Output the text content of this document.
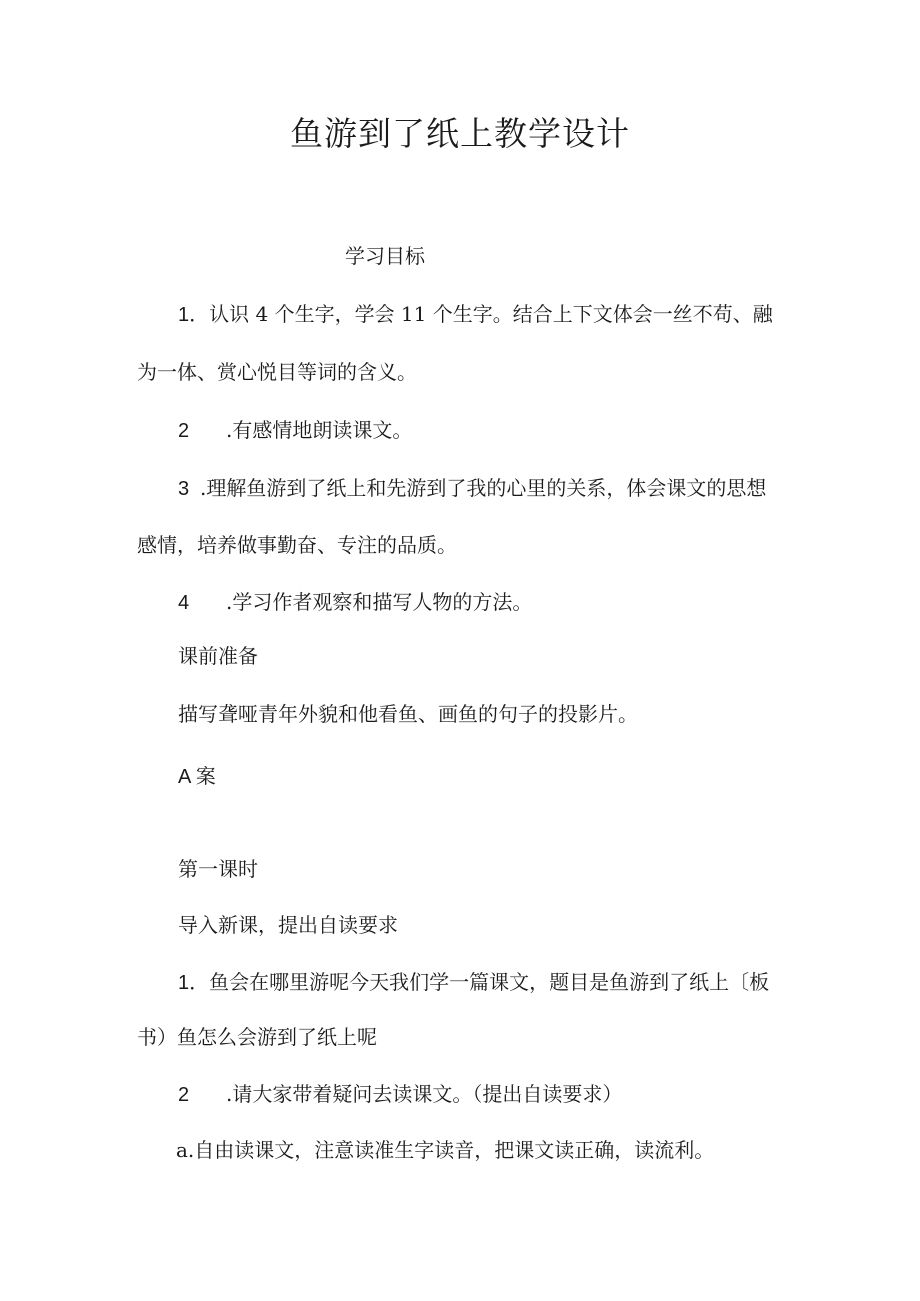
鱼游到了纸上教学设计
学习目标
1．认识 4 个生字，学会 11 个生字。结合上下文体会一丝不苟、融
为一体、赏心悦目等词的含义。
2 .有感情地朗读课文。
3 .理解鱼游到了纸上和先游到了我的心里的关系，体会课文的思想
感情，培养做事勤奋、专注的品质。
4 .学习作者观察和描写人物的方法。
课前准备
描写聋哑青年外貌和他看鱼、画鱼的句子的投影片。
A 案
第一课时
导入新课，提出自读要求
1．鱼会在哪里游呢今天我们学一篇课文，题目是鱼游到了纸上〔板
书）鱼怎么会游到了纸上呢
2 .请大家带着疑问去读课文。（提出自读要求）
a.自由读课文，注意读准生字读音，把课文读正确，读流利。
